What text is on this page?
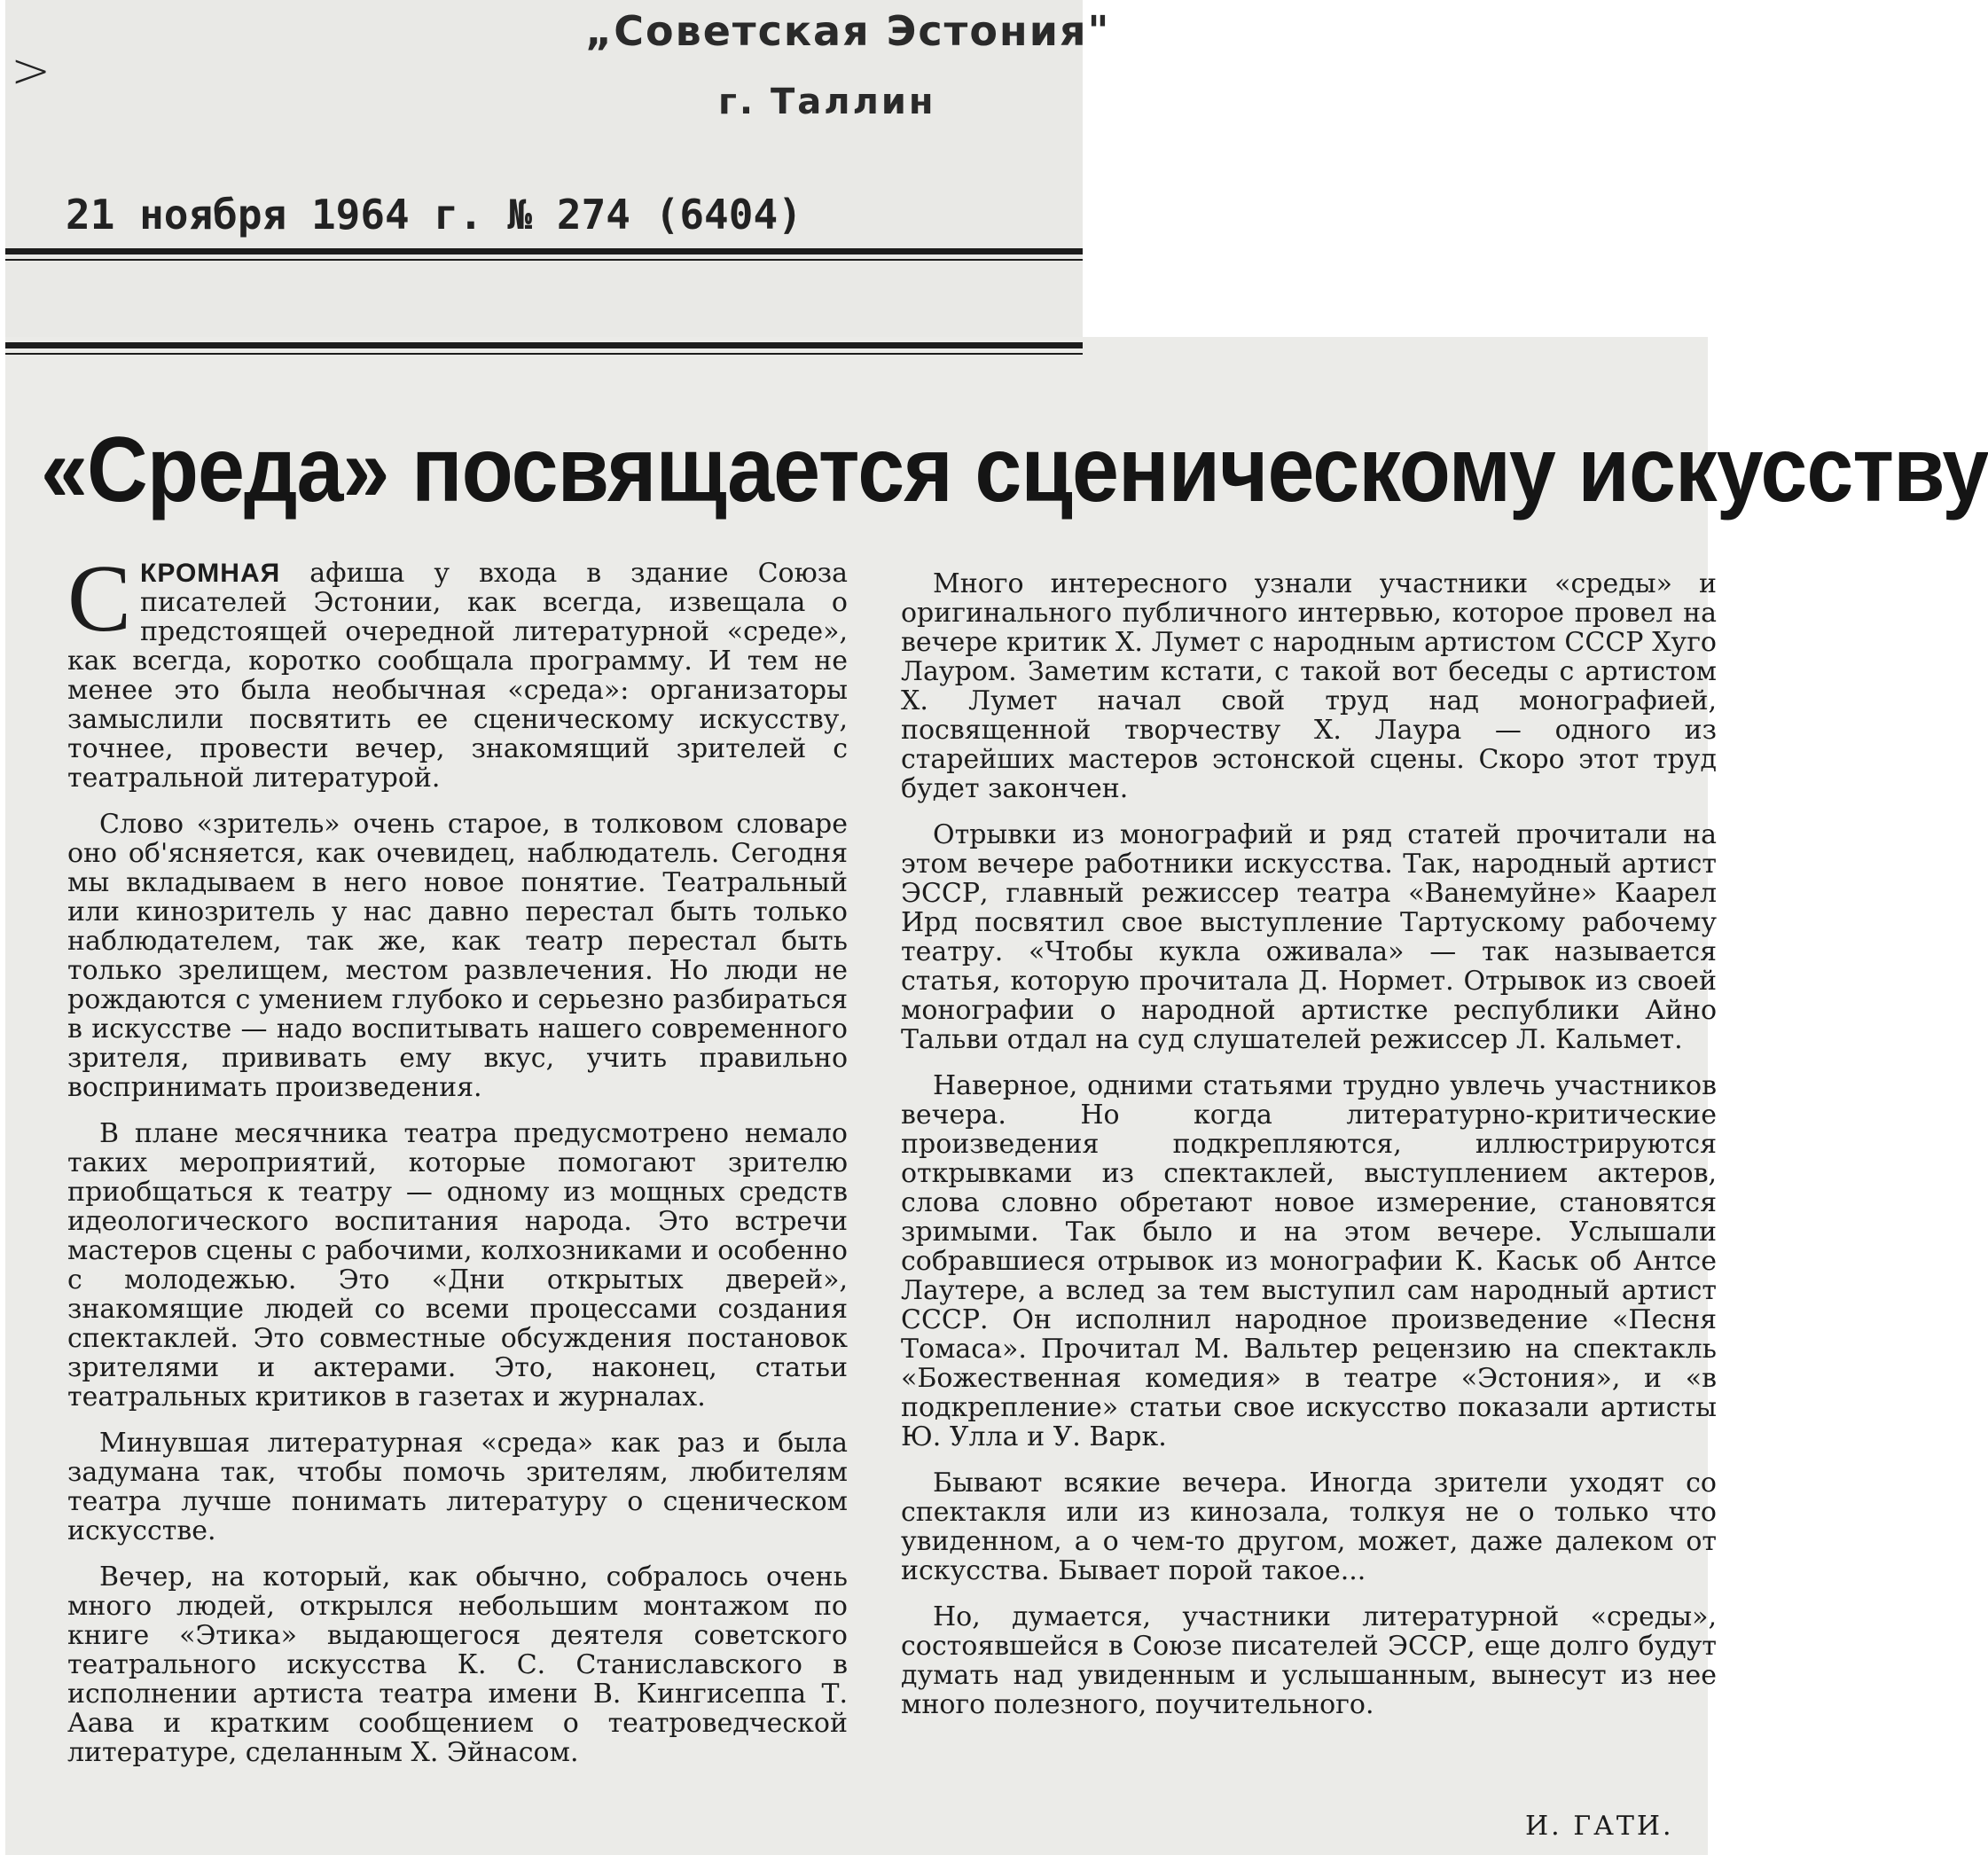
>
„Советская Эстония"
г. Таллин
21 ноября 1964 г. № 274 (6404)
«Среда» посвящается сценическому искусству

СКРОМНАЯ афиша у входа в здание Союза писателей Эстонии, как всегда, извещала о предстоящей очередной литературной «среде», как всегда, коротко сообщала программу. И тем не менее это была необычная «среда»: организаторы замыслили посвятить ее сценическому искусству, точнее, провести вечер, знакомящий зрителей с театральной литературой.

Слово «зритель» очень старое, в толковом словаре оно об'ясняется, как очевидец, наблюдатель. Сегодня мы вкладываем в него новое понятие. Театральный или кинозритель у нас давно перестал быть только наблюдателем, так же, как театр перестал быть только зрелищем, местом развлечения. Но люди не рождаются с умением глубоко и серьезно разбираться в искусстве — надо воспитывать нашего современного зрителя, прививать ему вкус, учить правильно воспринимать произведения.

В плане месячника театра предусмотрено немало таких мероприятий, которые помогают зрителю приобщаться к театру — одному из мощных средств идеологического воспитания народа. Это встречи мастеров сцены с рабочими, колхозниками и особенно с молодежью. Это «Дни открытых дверей», знакомящие людей со всеми процессами создания спектаклей. Это совместные обсуждения постановок зрителями и актерами. Это, наконец, статьи театральных критиков в газетах и журналах.

Минувшая литературная «среда» как раз и была задумана так, чтобы помочь зрителям, любителям театра лучше понимать литературу о сценическом искусстве.

Вечер, на который, как обычно, собралось очень много людей, открылся небольшим монтажом по книге «Этика» выдающегося деятеля советского театрального искусства К. С. Станиславского в исполнении артиста театра имени В. Кингисеппа Т. Аава и кратким сообщением о театроведческой литературе, сделанным Х. Эйнасом.

Много интересного узнали участники «среды» и оригинального публичного интервью, которое провел на вечере критик Х. Лумет с народным артистом СССР Хуго Лауром. Заметим кстати, с такой вот беседы с артистом Х. Лумет начал свой труд над монографией, посвященной творчеству Х. Лаура — одного из старейших мастеров эстонской сцены. Скоро этот труд будет закончен.

Отрывки из монографий и ряд статей прочитали на этом вечере работники искусства. Так, народный артист ЭССР, главный режиссер театра «Ванемуйне» Каарел Ирд посвятил свое выступление Тартускому рабочему театру. «Чтобы кукла оживала» — так называется статья, которую прочитала Д. Нормет. Отрывок из своей монографии о народной артистке республики Айно Тальви отдал на суд слушателей режиссер Л. Кальмет.

Наверное, одними статьями трудно увлечь участников вечера. Но когда литературно-критические произведения подкрепляются, иллюстрируются открывками из спектаклей, выступлением актеров, слова словно обретают новое измерение, становятся зримыми. Так было и на этом вечере. Услышали собравшиеся отрывок из монографии К. Каськ об Антсе Лаутере, а вслед за тем выступил сам народный артист СССР. Он исполнил народное произведение «Песня Томаса». Прочитал М. Вальтер рецензию на спектакль «Божественная комедия» в театре «Эстония», и «в подкрепление» статьи свое искусство показали артисты Ю. Улла и У. Варк.

Бывают всякие вечера. Иногда зрители уходят со спектакля или из кинозала, толкуя не о только что увиденном, а о чем-то другом, может, даже далеком от искусства. Бывает порой такое...

Но, думается, участники литературной «среды», состоявшейся в Союзе писателей ЭССР, еще долго будут думать над увиденным и услышанным, вынесут из нее много полезного, поучительного.

И. ГАТИ.
